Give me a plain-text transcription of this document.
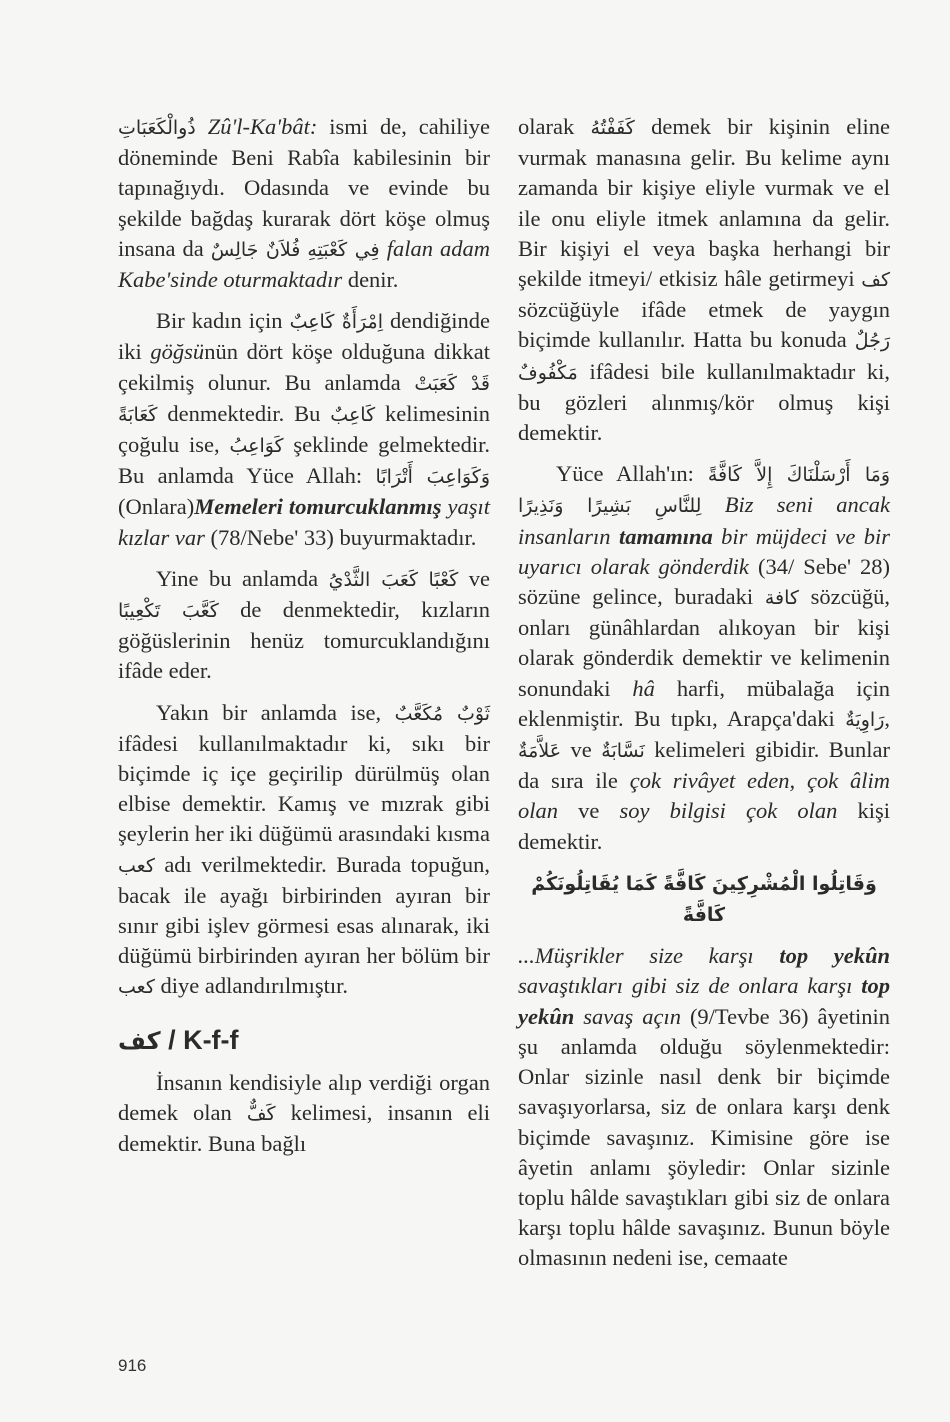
ذُوالْكَعَبَاتِ Zû'l-Ka'bât: ismi de, cahiliye döneminde Beni Rabîa kabilesinin bir tapınağıydı. Odasında ve evinde bu şekilde bağdaş kurarak dört köşe olmuş insana da فُلاَنٌ جَالِسٌ فِي كَعْبَتِهِ falan adam Kabe'sinde oturmaktadır denir.

Bir kadın için اِمْرَأَةٌ كَاعِبٌ dendiğinde iki göğsünün dört köşe olduğuna dikkat çekilmiş olunur. Bu anlamda قَدْ كَعَبَتْ كَعَابَةً denmektedir. Bu كَاعِبٌ kelimesinin çoğulu ise, كَوَاعِبُ şeklinde gelmektedir. Bu anlamda Yüce Allah: وَكَوَاعِبَ أَتْرَابًا (Onlara)Memeleri tomurcuklanmış yaşıt kızlar var (78/Nebe' 33) buyurmaktadır.

Yine bu anlamda كَعَبَ الثَّدْيُ كَعْبًا ve كَعَّبَ تَكْعِيبًا de denmektedir, kızların göğüslerinin henüz tomurcuklandığını ifâde eder.

Yakın bir anlamda ise, ثَوْبٌ مُكَعَّبٌ ifâdesi kullanılmaktadır ki, sıkı bir biçimde iç içe geçirilip dürülmüş olan elbise demektir. Kamış ve mızrak gibi şeylerin her iki düğümü arasındaki kısma كعب adı verilmektedir. Burada topuğun, bacak ile ayağı birbirinden ayıran bir sınır gibi işlev görmesi esas alınarak, iki düğümü birbirinden ayıran her bölüm bir كعب diye adlandırılmıştır.

كف / K-f-f

İnsanın kendisiyle alıp verdiği organ demek olan كَفٌّ kelimesi, insanın eli demektir. Buna bağlı

olarak كَفَفْتُهُ demek bir kişinin eline vurmak manasına gelir. Bu kelime aynı zamanda bir kişiye eliyle vurmak ve el ile onu eliyle itmek anlamına da gelir. Bir kişiyi el veya başka herhangi bir şekilde itmeyi/ etkisiz hâle getirmeyi كف sözcüğüyle ifâde etmek de yaygın biçimde kullanılır. Hatta bu konuda رَجُلٌ مَكْفُوفٌ ifâdesi bile kullanılmaktadır ki, bu gözleri alınmış/kör olmuş kişi demektir.

Yüce Allah'ın: وَمَا أَرْسَلْنَاكَ إِلاَّ كَافَّةً لِلنَّاسِ بَشِيرًا وَنَذِيرًا Biz seni ancak insanların tamamına bir müjdeci ve bir uyarıcı olarak gönderdik (34/ Sebe' 28) sözüne gelince, buradaki كافة sözcüğü, onları günâhlardan alıkoyan bir kişi olarak gönderdik demektir ve kelimenin sonundaki hâ harfi, mübalağa için eklenmiştir. Bu tıpkı, Arapça'daki رَاوِيَةٌ, عَلاَّمَةٌ ve نَسَّابَةٌ kelimeleri gibidir. Bunlar da sıra ile çok rivâyet eden, çok âlim olan ve soy bilgisi çok olan kişi demektir.

وَقَاتِلُوا الْمُشْرِكِينَ كَافَّةً كَمَا يُقَاتِلُونَكُمْ كَافَّةً

...Müşrikler size karşı top yekûn savaştıkları gibi siz de onlara karşı top yekûn savaş açın (9/Tevbe 36) âyetinin şu anlamda olduğu söylenmektedir: Onlar sizinle nasıl denk bir biçimde savaşıyorlarsa, siz de onlara karşı denk biçimde savaşınız. Kimisine göre ise âyetin anlamı şöyledir: Onlar sizinle toplu hâlde savaştıkları gibi siz de onlara karşı toplu hâlde savaşınız. Bunun böyle olmasının nedeni ise, cemaate

916
